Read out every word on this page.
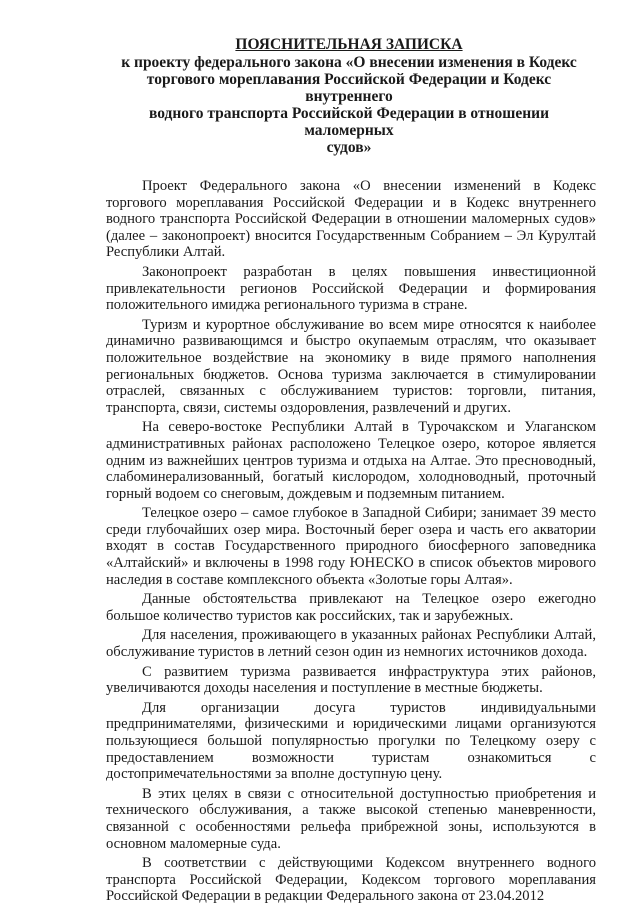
ПОЯСНИТЕЛЬНАЯ ЗАПИСКА
к проекту федерального закона «О внесении изменения в Кодекс
торгового мореплавания Российской Федерации и Кодекс внутреннего
водного транспорта Российской Федерации в отношении маломерных
судов»

Проект Федерального закона «О внесении изменений в Кодекс торгового мореплавания Российской Федерации и в Кодекс внутреннего водного транспорта Российской Федерации в отношении маломерных судов» (далее – законопроект) вносится Государственным Собранием – Эл Курултай Республики Алтай.

Законопроект разработан в целях повышения инвестиционной привлекательности регионов Российской Федерации и формирования положительного имиджа регионального туризма в стране.

Туризм и курортное обслуживание во всем мире относятся к наиболее динамично развивающимся и быстро окупаемым отраслям, что оказывает положительное воздействие на экономику в виде прямого наполнения региональных бюджетов. Основа туризма заключается в стимулировании отраслей, связанных с обслуживанием туристов: торговли, питания, транспорта, связи, системы оздоровления, развлечений и других.

На северо-востоке Республики Алтай в Турочакском и Улаганском административных районах расположено Телецкое озеро, которое является одним из важнейших центров туризма и отдыха на Алтае. Это пресноводный, слабоминерализованный, богатый кислородом, холодноводный, проточный горный водоем со снеговым, дождевым и подземным питанием.

Телецкое озеро – самое глубокое в Западной Сибири; занимает 39 место среди глубочайших озер мира. Восточный берег озера и часть его акватории входят в состав Государственного природного биосферного заповедника «Алтайский» и включены в 1998 году ЮНЕСКО в список объектов мирового наследия в составе комплексного объекта «Золотые горы Алтая».

Данные обстоятельства привлекают на Телецкое озеро ежегодно большое количество туристов как российских, так и зарубежных.

Для населения, проживающего в указанных районах Республики Алтай, обслуживание туристов в летний сезон один из немногих источников дохода.

С развитием туризма развивается инфраструктура этих районов, увеличиваются доходы населения и поступление в местные бюджеты.

Для организации досуга туристов индивидуальными предпринимателями, физическими и юридическими лицами организуются пользующиеся большой популярностью прогулки по Телецкому озеру с предоставлением возможности туристам ознакомиться с достопримечательностями за вполне доступную цену.

В этих целях в связи с относительной доступностью приобретения и технического обслуживания, а также высокой степенью маневренности, связанной с особенностями рельефа прибрежной зоны, используются в основном маломерные суда.

В соответствии с действующими Кодексом внутреннего водного транспорта Российской Федерации, Кодексом торгового мореплавания Российской Федерации в редакции Федерального закона от 23.04.2012
